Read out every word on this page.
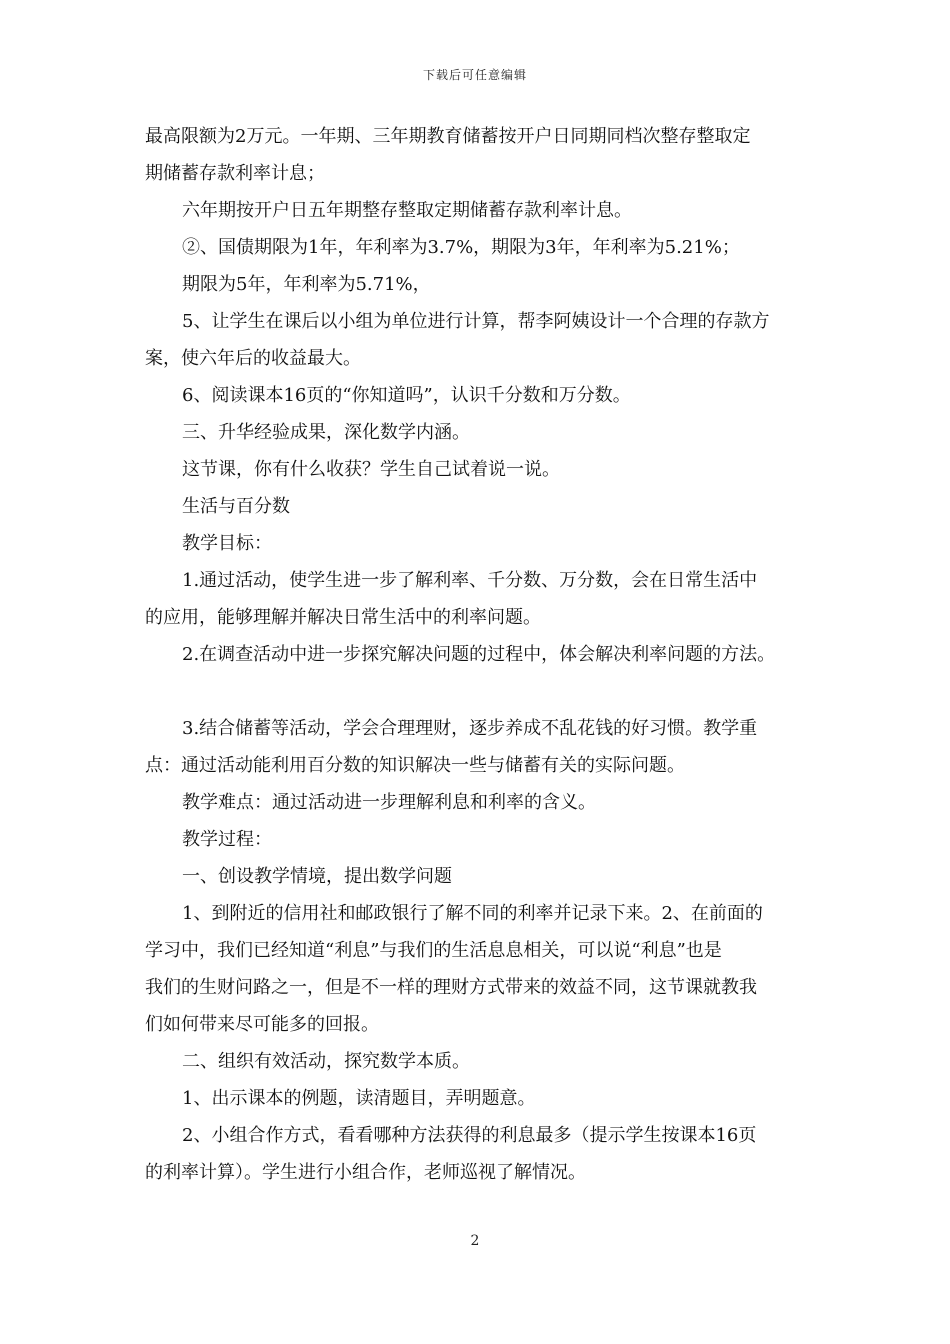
下载后可任意编辑
最高限额为2万元。一年期、三年期教育储蓄按开户日同期同档次整存整取定
期储蓄存款利率计息；
六年期按开户日五年期整存整取定期储蓄存款利率计息。
②、国债期限为1年，年利率为3.7%，期限为3年，年利率为5.21%；
期限为5年，年利率为5.71%，
5、让学生在课后以小组为单位进行计算，帮李阿姨设计一个合理的存款方
案，使六年后的收益最大。
6、阅读课本16页的“你知道吗”，认识千分数和万分数。
三、升华经验成果，深化数学内涵。
这节课，你有什么收获？学生自己试着说一说。
生活与百分数
教学目标：
1.通过活动，使学生进一步了解利率、千分数、万分数，会在日常生活中
的应用，能够理解并解决日常生活中的利率问题。
2.在调查活动中进一步探究解决问题的过程中，体会解决利率问题的方法。
3.结合储蓄等活动，学会合理理财，逐步养成不乱花钱的好习惯。教学重
点：通过活动能利用百分数的知识解决一些与储蓄有关的实际问题。
教学难点：通过活动进一步理解利息和利率的含义。
教学过程：
一、创设教学情境，提出数学问题
1、到附近的信用社和邮政银行了解不同的利率并记录下来。2、在前面的
学习中，我们已经知道“利息”与我们的生活息息相关，可以说“利息”也是
我们的生财问路之一，但是不一样的理财方式带来的效益不同，这节课就教我
们如何带来尽可能多的回报。
二、组织有效活动，探究数学本质。
1、出示课本的例题，读清题目，弄明题意。
2、小组合作方式，看看哪种方法获得的利息最多（提示学生按课本16页
的利率计算）。学生进行小组合作，老师巡视了解情况。
2
